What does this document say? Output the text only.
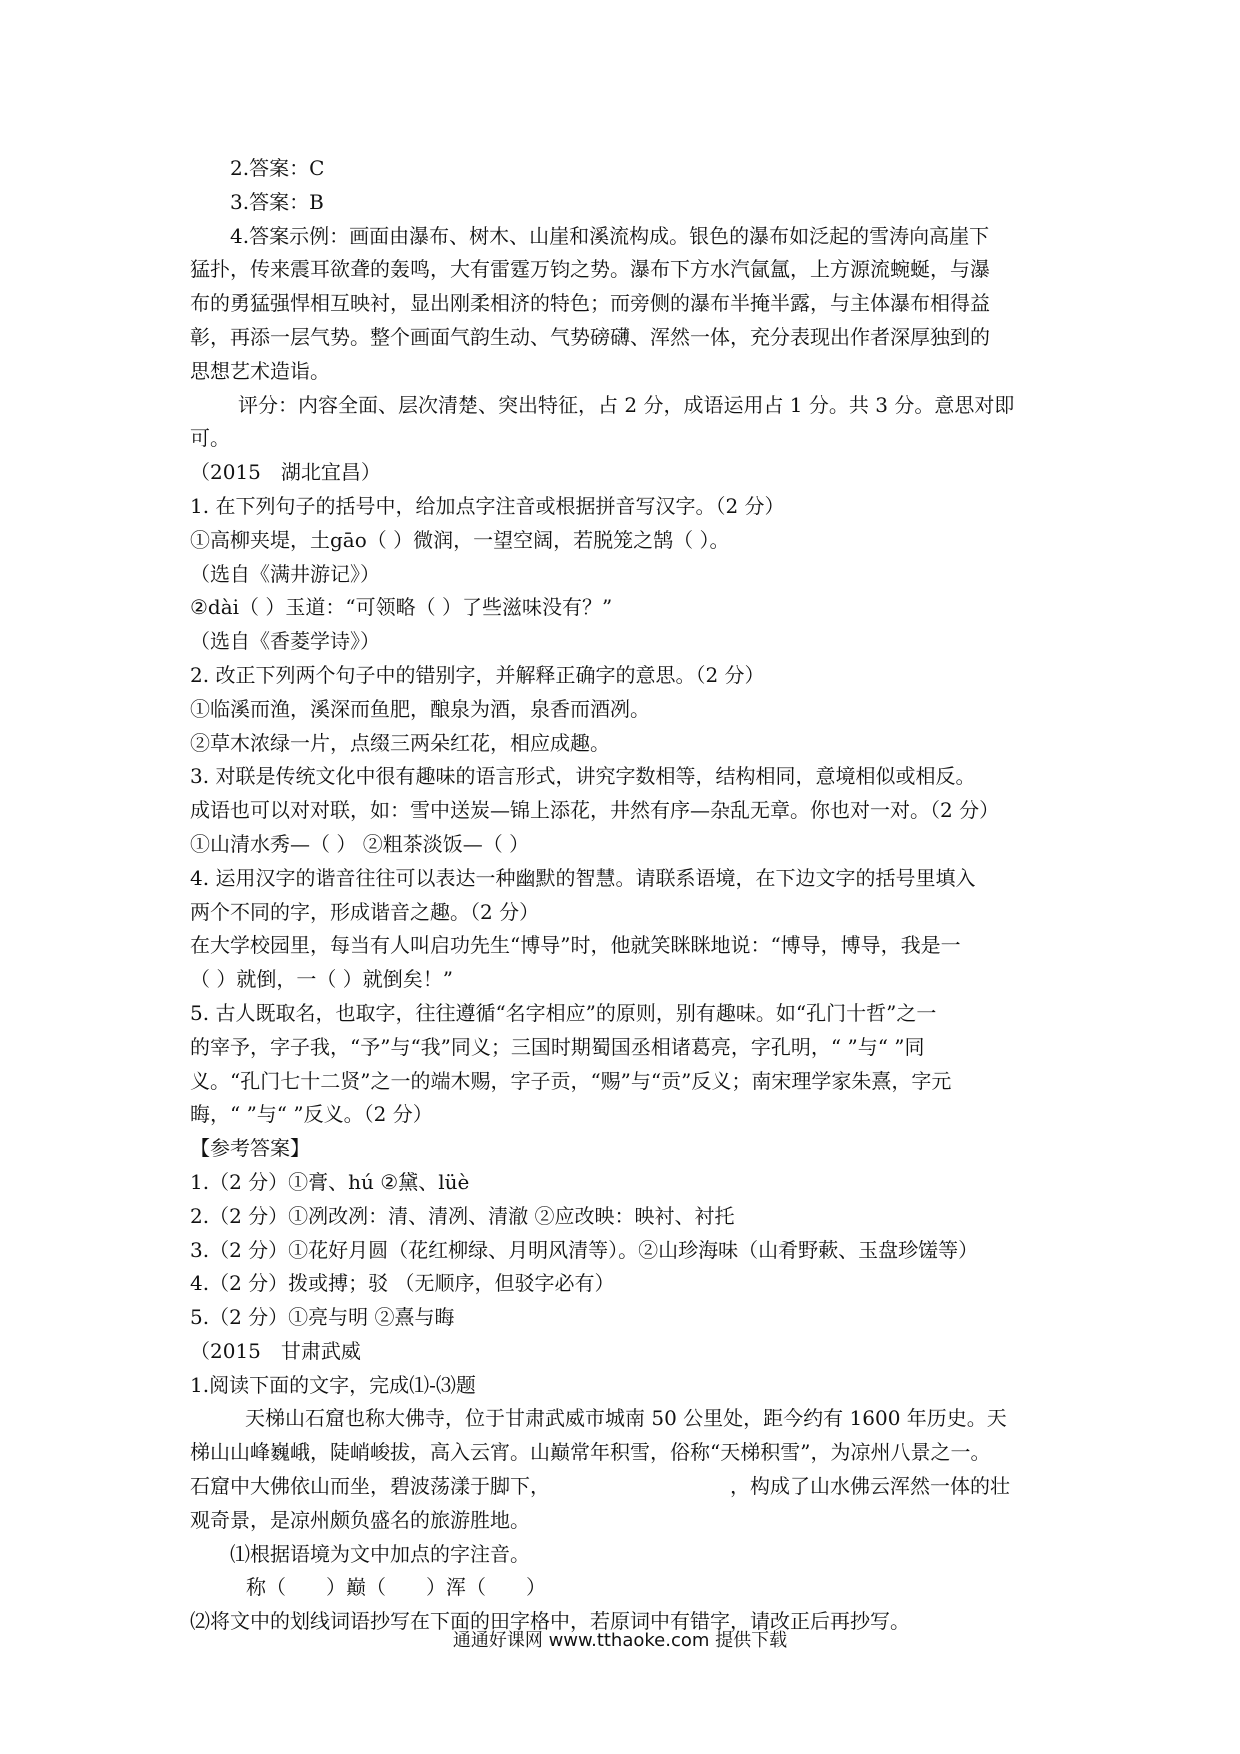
2.答案：C
3.答案：B
4.答案示例：画面由瀑布、树木、山崖和溪流构成。银色的瀑布如泛起的雪涛向高崖下
猛扑，传来震耳欲聋的轰鸣，大有雷霆万钧之势。瀑布下方水汽氤氲，上方源流蜿蜒，与瀑
布的勇猛强悍相互映衬，显出刚柔相济的特色；而旁侧的瀑布半掩半露，与主体瀑布相得益
彰，再添一层气势。整个画面气韵生动、气势磅礴、浑然一体，充分表现出作者深厚独到的
思想艺术造诣。
评分：内容全面、层次清楚、突出特征，占 2 分，成语运用占 1 分。共 3 分。意思对即
可。
（2015　湖北宜昌）
1. 在下列句子的括号中，给加点字注音或根据拼音写汉字。（2 分）
①高柳夹堤，土gāo（ ）微润，一望空阔，若脱笼之鹄（ ）。
（选自《满井游记》）
②dài（ ）玉道：“可领略（ ）了些滋味没有？”
（选自《香菱学诗》）
2. 改正下列两个句子中的错别字，并解释正确字的意思。（2 分）
①临溪而渔，溪深而鱼肥，酿泉为酒，泉香而酒冽。
②草木浓绿一片，点缀三两朵红花，相应成趣。
3. 对联是传统文化中很有趣味的语言形式，讲究字数相等，结构相同，意境相似或相反。
成语也可以对对联，如：雪中送炭—锦上添花，井然有序—杂乱无章。你也对一对。（2 分）
①山清水秀—（ ） ②粗茶淡饭—（ ）
4. 运用汉字的谐音往往可以表达一种幽默的智慧。请联系语境，在下边文字的括号里填入
两个不同的字，形成谐音之趣。（2 分）
在大学校园里，每当有人叫启功先生“博导”时，他就笑眯眯地说：“博导，博导，我是一
（ ）就倒，一（ ）就倒矣！”
5. 古人既取名，也取字，往往遵循“名字相应”的原则，别有趣味。如“孔门十哲”之一
的宰予，字子我，“予”与“我”同义；三国时期蜀国丞相诸葛亮，字孔明，“ ”与“ ”同
义。“孔门七十二贤”之一的端木赐，字子贡，“赐”与“贡”反义；南宋理学家朱熹，字元
晦，“ ”与“ ”反义。（2 分）
【参考答案】
1.（2 分）①膏、hú ②黛、lüè
2.（2 分）①冽改冽：清、清冽、清澈 ②应改映：映衬、衬托
3.（2 分）①花好月圆（花红柳绿、月明风清等）。②山珍海味（山肴野蔌、玉盘珍馐等）
4.（2 分）拨或搏；驳 （无顺序，但驳字必有）
5.（2 分）①亮与明 ②熹与晦
（2015　甘肃武威
1.阅读下面的文字，完成⑴-⑶题
天梯山石窟也称大佛寺，位于甘肃武威市城南 50 公里处，距今约有 1600 年历史。天
梯山山峰巍峨，陡峭峻拔，高入云宵。山巅常年积雪，俗称“天梯积雪”，为凉州八景之一。
石窟中大佛依山而坐，碧波荡漾于脚下，	，构成了山水佛云浑然一体的壮
观奇景，是凉州颇负盛名的旅游胜地。
⑴根据语境为文中加点的字注音。
称（　　）巅（　　）浑（　　）
⑵将文中的划线词语抄写在下面的田字格中，若原词中有错字，请改正后再抄写。
通通好课网 www.tthaoke.com 提供下载
